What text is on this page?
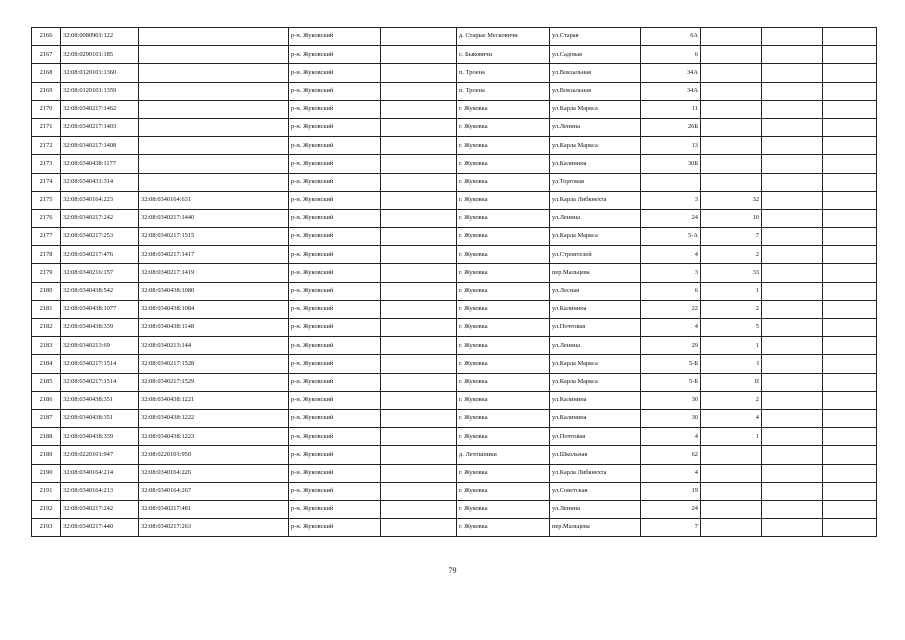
2166	32:08:0080901:122		р-н. Жуковский		д. Старые Месковичи	ул.Старая	6А			
2167	32:08:0290101:185		р-н. Жуковский		с. Быковичи	ул.Садовая	6			
2168	32:08:0120101:1360		р-н. Жуковский		п. Троена	ул.Вокзальная	34А			
2169	32:08:0120101:1359		р-н. Жуковский		п. Троена	ул.Вокзальная	34А			
2170	32:08:0340217:1462		р-н. Жуковский		г. Жуковка	ул.Карла Маркса	11			
2171	32:08:0340217:1403		р-н. Жуковский		г. Жуковка	ул.Ленина	26Б			
2172	32:08:0340217:1408		р-н. Жуковский		г. Жуковка	ул.Карла Маркса	13			
2173	32:08:0340438:1177		р-н. Жуковский		г. Жуковка	ул.Калинина	30Б			
2174	32:08:0340431:314		р-н. Жуковский		г. Жуковка	ул.Торговая				
2175	32:08:0340164:223	32:08:0340164:631	р-н. Жуковский		г. Жуковка	ул.Карла Либкнехта	3	32		
2176	32:08:0340217:242	32:08:0340217:1440	р-н. Жуковский		г. Жуковка	ул.Ленина	24	10		
2177	32:08:0340217:253	32:08:0340217:1515	р-н. Жуковский		г. Жуковка	ул.Карла Маркса	5-А	7		
2178	32:08:0340217:476	32:08:0340217:1417	р-н. Жуковский		г. Жуковка	ул.Строителей	4	2		
2179	32:08:0340216:157	32:08:0340217:1419	р-н. Жуковский		г. Жуковка	пер.Мальцева	3	33		
2180	32:08:0340438:542	32:08:0340438:1080	р-н. Жуковский		г. Жуковка	ул.Лесная	6	1		
2181	32:08:0340438:1077	32:08:0340438:1084	р-н. Жуковский		г. Жуковка	ул.Калинина	22	2		
2182	32:08:0340438:339	32:08:0340438:1148	р-н. Жуковский		г. Жуковка	ул.Почтовая	4	5		
2183	32:08:0340213:69	32:08:0340213:144	р-н. Жуковский		г. Жуковка	ул.Ленина	29	1		
2184	32:08:0340217:1514	32:08:0340217:1528	р-н. Жуковский		г. Жуковка	ул.Карла Маркса	5-Б	I		
2185	32:08:0340217:1514	32:08:0340217:1529	р-н. Жуковский		г. Жуковка	ул.Карла Маркса	5-Б	II		
2186	32:08:0340438:351	32:08:0340438:1221	р-н. Жуковский		г. Жуковка	ул.Калинина	30	2		
2187	32:08:0340438:351	32:08:0340438:1222	р-н. Жуковский		г. Жуковка	ул.Калинина	30	4		
2188	32:08:0340438:339	32:08:0340438:1223	р-н. Жуковский		г. Жуковка	ул.Почтовая	4	1		
2189	32:08:0220101:947	32:08:0220101:950	р-н. Жуковский		д. Летошники	ул.Школьная	62			
2190	32:08:0340164:214	32:08:0340164:226	р-н. Жуковский		г. Жуковка	ул.Карла Либкнехта	4			
2191	32:08:0340164:213	32:08:0340164:267	р-н. Жуковский		г. Жуковка	ул.Советская	19			
2192	32:08:0340217:242	32:08:0340217:481	р-н. Жуковский		г. Жуковка	ул.Ленина	24			
2193	32:08:0340217:440	32:08:0340217:263	р-н. Жуковский		г. Жуковка	пер.Мальцева	7			
79
